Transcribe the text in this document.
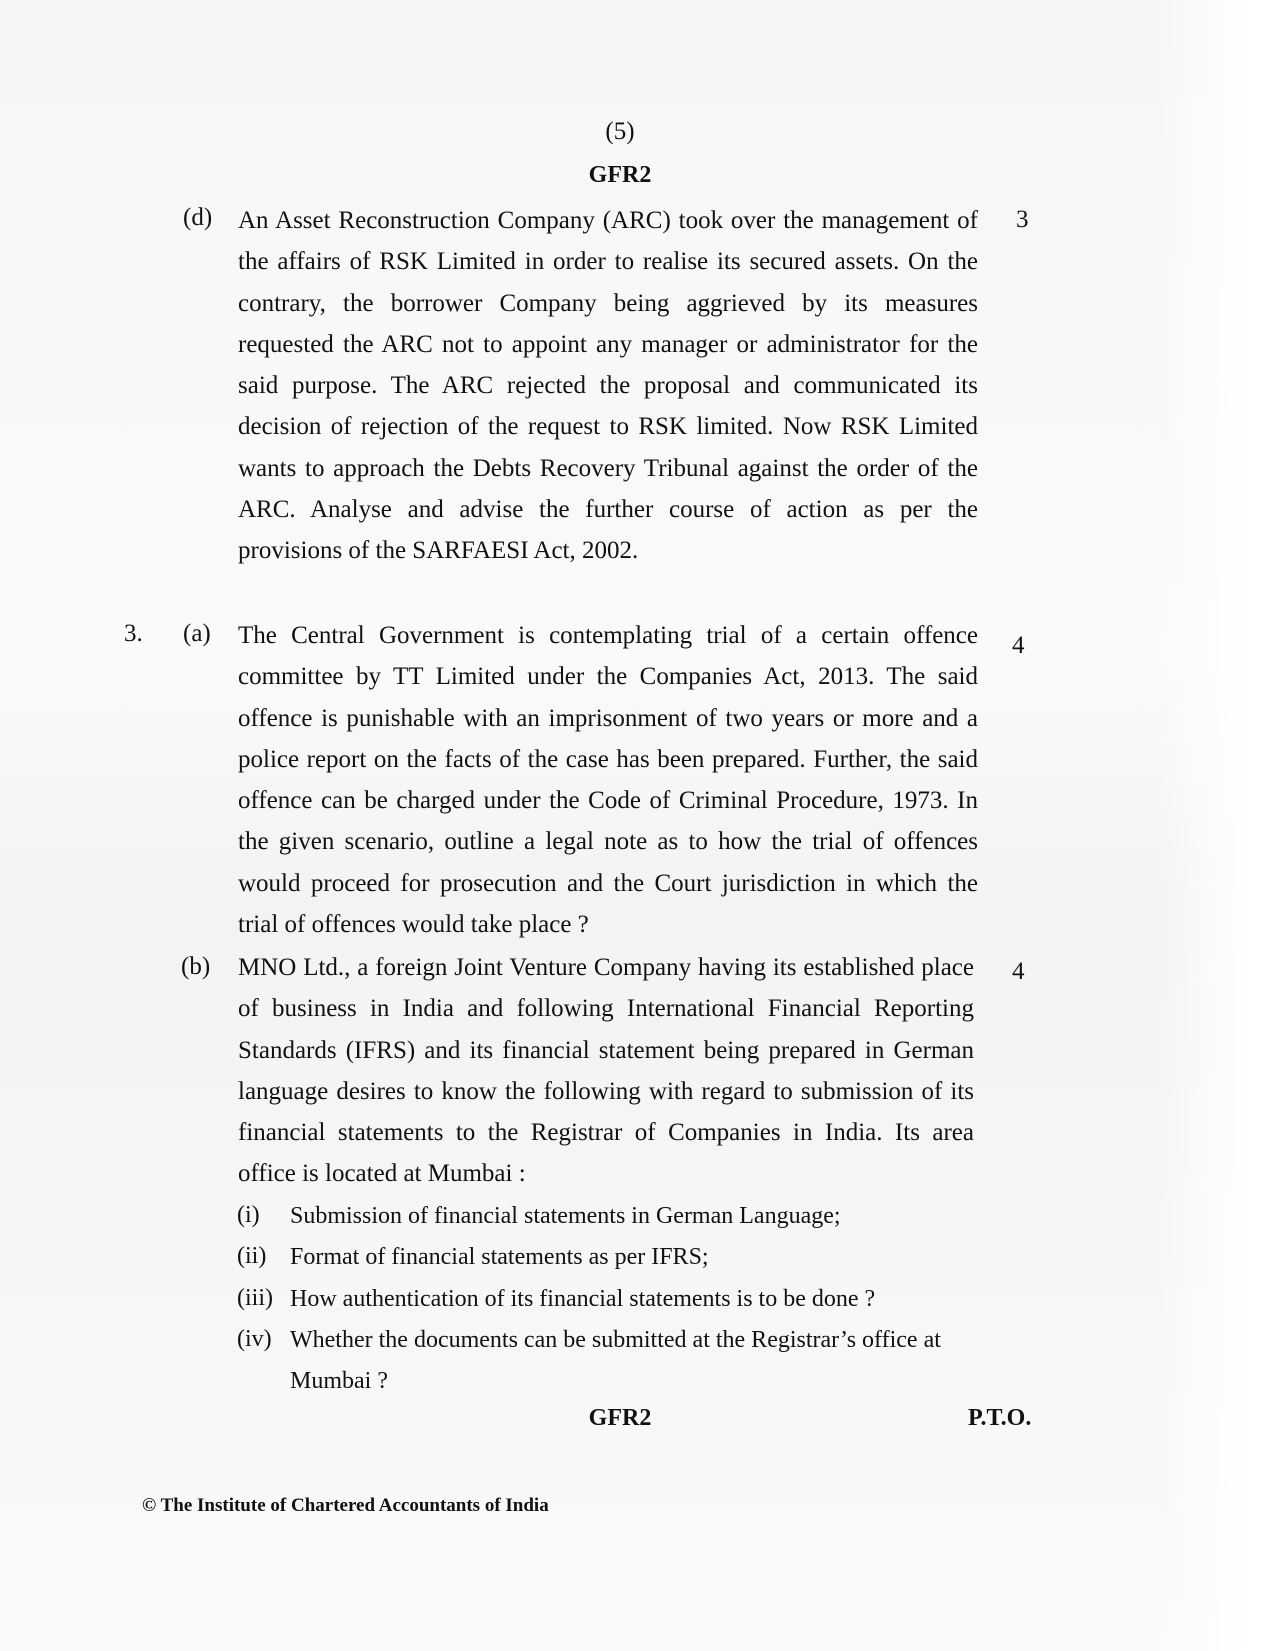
(5)
GFR2
(d) An Asset Reconstruction Company (ARC) took over the management of the affairs of RSK Limited in order to realise its secured assets. On the contrary, the borrower Company being aggrieved by its measures requested the ARC not to appoint any manager or administrator for the said purpose. The ARC rejected the proposal and communicated its decision of rejection of the request to RSK limited. Now RSK Limited wants to approach the Debts Recovery Tribunal against the order of the ARC. Analyse and advise the further course of action as per the provisions of the SARFAESI Act, 2002.

3
3. (a) The Central Government is contemplating trial of a certain offence committee by TT Limited under the Companies Act, 2013. The said offence is punishable with an imprisonment of two years or more and a police report on the facts of the case has been prepared. Further, the said offence can be charged under the Code of Criminal Procedure, 1973. In the given scenario, outline a legal note as to how the trial of offences would proceed for prosecution and the Court jurisdiction in which the trial of offences would take place ?

4
(b) MNO Ltd., a foreign Joint Venture Company having its established place of business in India and following International Financial Reporting Standards (IFRS) and its financial statement being prepared in German language desires to know the following with regard to submission of its financial statements to the Registrar of Companies in India. Its area office is located at Mumbai :

4
(i) Submission of financial statements in German Language;

(ii) Format of financial statements as per IFRS;

(iii) How authentication of its financial statements is to be done ?

(iv) Whether the documents can be submitted at the Registrar’s office at Mumbai ?

GFR2	P.T.O.
© The Institute of Chartered Accountants of India
